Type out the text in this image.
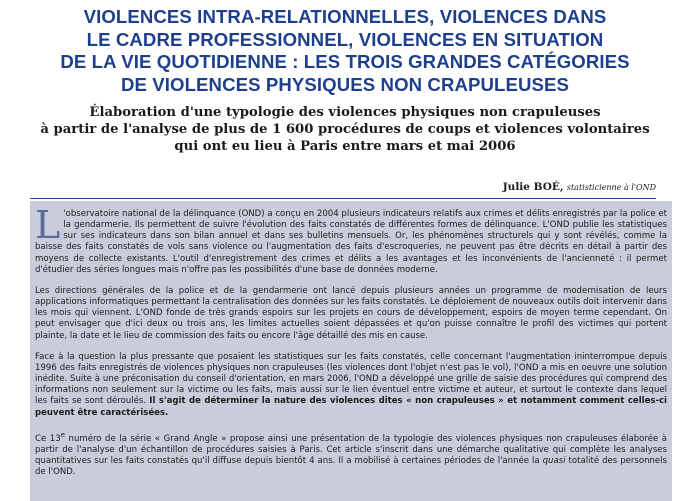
VIOLENCES INTRA-RELATIONNELLES, VIOLENCES DANS
LE CADRE PROFESSIONNEL, VIOLENCES EN SITUATION
DE LA VIE QUOTIDIENNE : LES TROIS GRANDES CATÉGORIES
DE VIOLENCES PHYSIQUES NON CRAPULEUSES
Élaboration d'une typologie des violences physiques non crapuleuses
à partir de l'analyse de plus de 1 600 procédures de coups et violences volontaires
qui ont eu lieu à Paris entre mars et mai 2006
Julie BOÉ, statisticienne à l'OND

L 'observatoire national de la délinquance (OND) a conçu en 2004 plusieurs indicateurs relatifs aux crimes et délits enregistrés par la police et la gendarmerie. Ils permettent de suivre l'évolution des faits constatés de différentes formes de délinquance. L'OND publie les statistiques sur ses indicateurs dans son bilan annuel et dans ses bulletins mensuels. Or, les phénomènes structurels qui y sont révélés, comme la baisse des faits constatés de vols sans violence ou l'augmentation des faits d'escroqueries, ne peuvent pas être décrits en détail à partir des moyens de collecte existants. L'outil d'enregistrement des crimes et délits a les avantages et les inconvénients de l'ancienneté : il permet d'étudier des séries longues mais n'offre pas les possibilités d'une base de données moderne.

Les directions générales de la police et de la gendarmerie ont lancé depuis plusieurs années un programme de modernisation de leurs applications informatiques permettant la centralisation des données sur les faits constatés. Le déploiement de nouveaux outils doit intervenir dans les mois qui viennent. L'OND fonde de très grands espoirs sur les projets en cours de développement, espoirs de moyen terme cependant. On peut envisager que d'ici deux ou trois ans, les limites actuelles soient dépassées et qu'on puisse connaître le profil des victimes qui portent plainte, la date et le lieu de commission des faits ou encore l'âge détaillé des mis en cause.

Face à la question la plus pressante que posaient les statistiques sur les faits constatés, celle concernant l'augmentation ininterrompue depuis 1996 des faits enregistrés de violences physiques non crapuleuses (les violences dont l'objet n'est pas le vol), l'OND a mis en oeuvre une solution inédite. Suite à une préconisation du conseil d'orientation, en mars 2006, l'OND a développé une grille de saisie des procédures qui comprend des informations non seulement sur la victime ou les faits, mais aussi sur le lien éventuel entre victime et auteur, et surtout le contexte dans lequel les faits se sont déroulés. Il s'agit de déterminer la nature des violences dites « non crapuleuses » et notamment comment celles-ci peuvent être caractérisées.

Ce 13e numéro de la série « Grand Angle » propose ainsi une présentation de la typologie des violences physiques non crapuleuses élaborée à partir de l'analyse d'un échantillon de procédures saisies à Paris. Cet article s'inscrit dans une démarche qualitative qui complète les analyses quantitatives sur les faits constatés qu'il diffuse depuis bientôt 4 ans. Il a mobilisé à certaines périodes de l'année la quasi totalité des personnels de l'OND.
